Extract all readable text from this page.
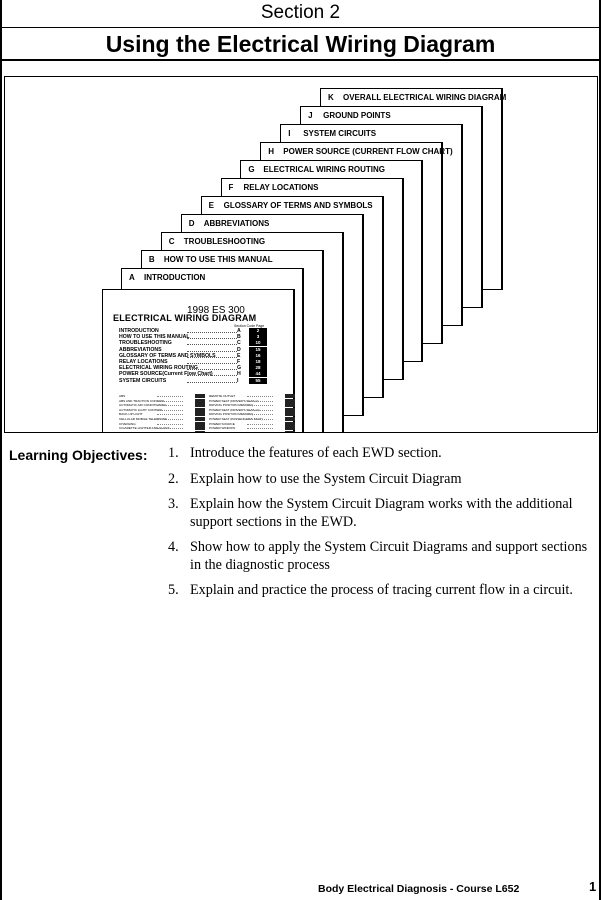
Section 2
Using the Electrical Wiring Diagram
K OVERALL ELECTRICAL WIRING DIAGRAM
J GROUND POINTS
I SYSTEM CIRCUITS
H POWER SOURCE (CURRENT FLOW CHART)
G ELECTRICAL WIRING ROUTING
F RELAY LOCATIONS
E GLOSSARY OF TERMS AND SYMBOLS
D ABBREVIATIONS
C TROUBLESHOOTING
B HOW TO USE THIS MANUAL
A INTRODUCTION
1998 ES 300
ELECTRICAL WIRING DIAGRAM
Section Code Page
INTRODUCTION	A	2
HOW TO USE THIS MANUAL	B	3
TROUBLESHOOTING	C	10
ABBREVIATIONS	D	15
GLOSSARY OF TERMS AND SYMBOLS	E	16
RELAY LOCATIONS	F	18
ELECTRICAL WIRING ROUTING	G	28
POWER SOURCE(Current Flow Chart)	H	44
SYSTEM CIRCUITS	I	55
ABS
ABS AND TRACTION CONTROL
AUTOMATIC AIR CONDITIONING
AUTOMATIC LIGHT CONTROL
BACK-UP LIGHT
CELLULAR MOBILE TELEPHONE
CHARGING
CIGARETTE LIGHTER AND CLOCK
COMBINATION METER
REMOTE OUTLET
POWER SEAT (DRIVER'S SEAT w/
DRIVING POSITION MEMORY)
POWER SEAT (DRIVER'S SEAT w/o
DRIVING POSITION MEMORY)
POWER SEAT (PASSENGER'S SEAT)
POWER SOURCE
POWER WINDOW
RADIATOR FAN AND CONDENSER FAN
Learning Objectives: 1. Introduce the features of each EWD section.
2. Explain how to use the System Circuit Diagram
3. Explain how the System Circuit Diagram works with the additional support sections in the EWD.
4. Show how to apply the System Circuit Diagrams and support sections in the diagnostic process
5. Explain and practice the process of tracing current flow in a circuit.
Body Electrical Diagnosis - Course L652	1
